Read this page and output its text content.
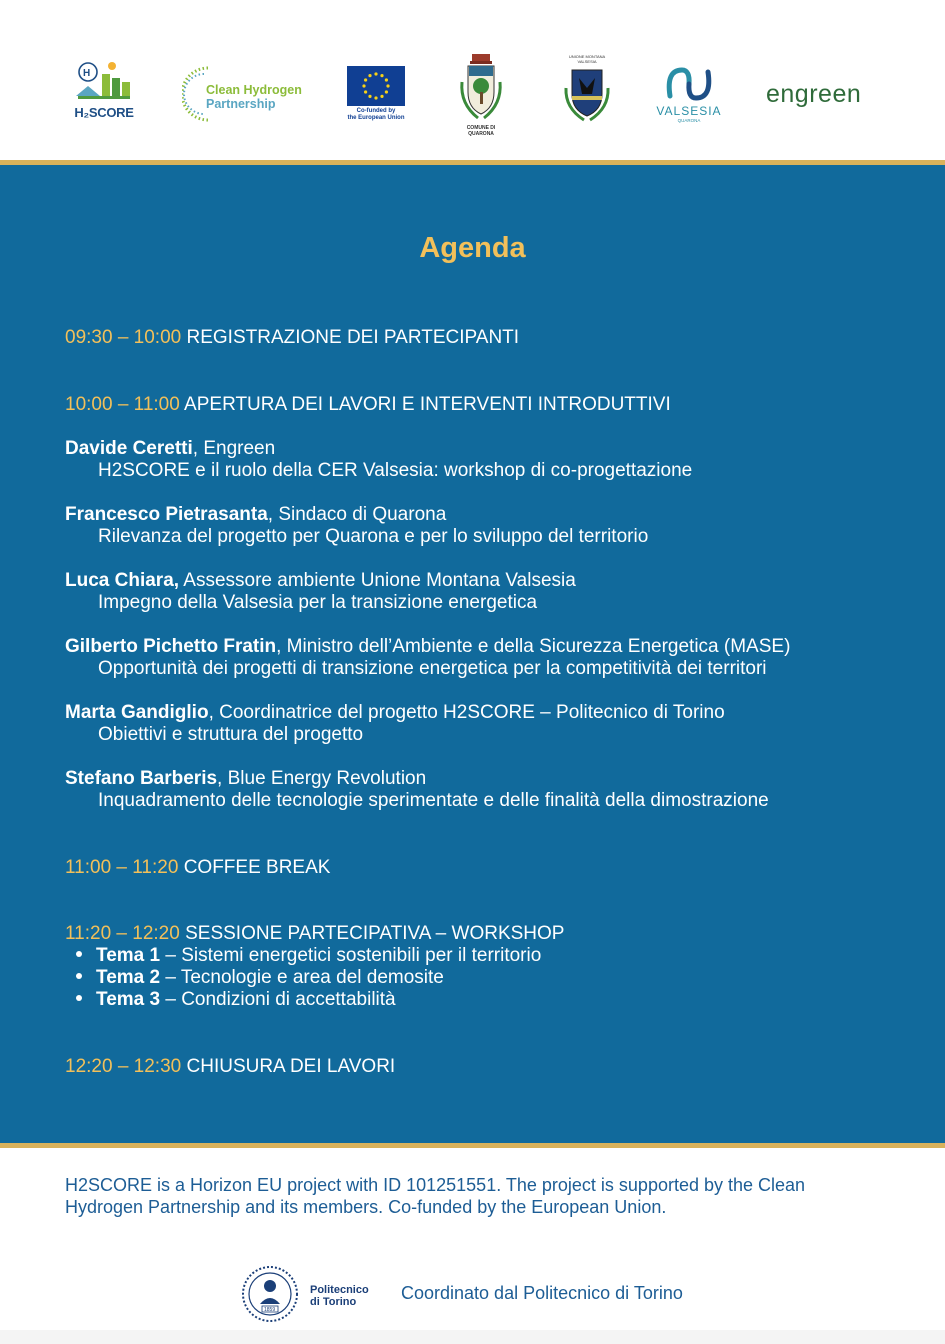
H
H₂SCORE
Clean Hydrogen
Partnership	Co-funded by
the European Union
COMUNE DI
QUARONA
UNIONE MONTANA VALSESIA
VALSESIA
QUARONA
engreen
Agenda
09:30 – 10:00 REGISTRAZIONE DEI PARTECIPANTI
10:00 – 11:00 APERTURA DEI LAVORI E INTERVENTI INTRODUTTIVI
Davide Ceretti, Engreen
H2SCORE e il ruolo della CER Valsesia: workshop di co-progettazione
Francesco Pietrasanta, Sindaco di Quarona
Rilevanza del progetto per Quarona e per lo sviluppo del territorio
Luca Chiara, Assessore ambiente Unione Montana Valsesia
Impegno della Valsesia per la transizione energetica
Gilberto Pichetto Fratin, Ministro dell’Ambiente e della Sicurezza Energetica (MASE)
Opportunità dei progetti di transizione energetica per la competitività dei territori
Marta Gandiglio, Coordinatrice del progetto H2SCORE – Politecnico di Torino
Obiettivi e struttura del progetto
Stefano Barberis, Blue Energy Revolution
Inquadramento delle tecnologie sperimentate e delle finalità della dimostrazione
11:00 – 11:20 COFFEE BREAK
11:20 – 12:20 SESSIONE PARTECIPATIVA – WORKSHOP
Tema 1 – Sistemi energetici sostenibili per il territorio
Tema 2 – Tecnologie e area del demosite
Tema 3 – Condizioni di accettabilità
12:20 – 12:30 CHIUSURA DEI LAVORI

H2SCORE is a Horizon EU project with ID 101251551. The project is supported by the Clean Hydrogen Partnership and its members. Co-funded by the European Union.

1859
Politecnico
di Torino	Coordinato dal Politecnico di Torino
